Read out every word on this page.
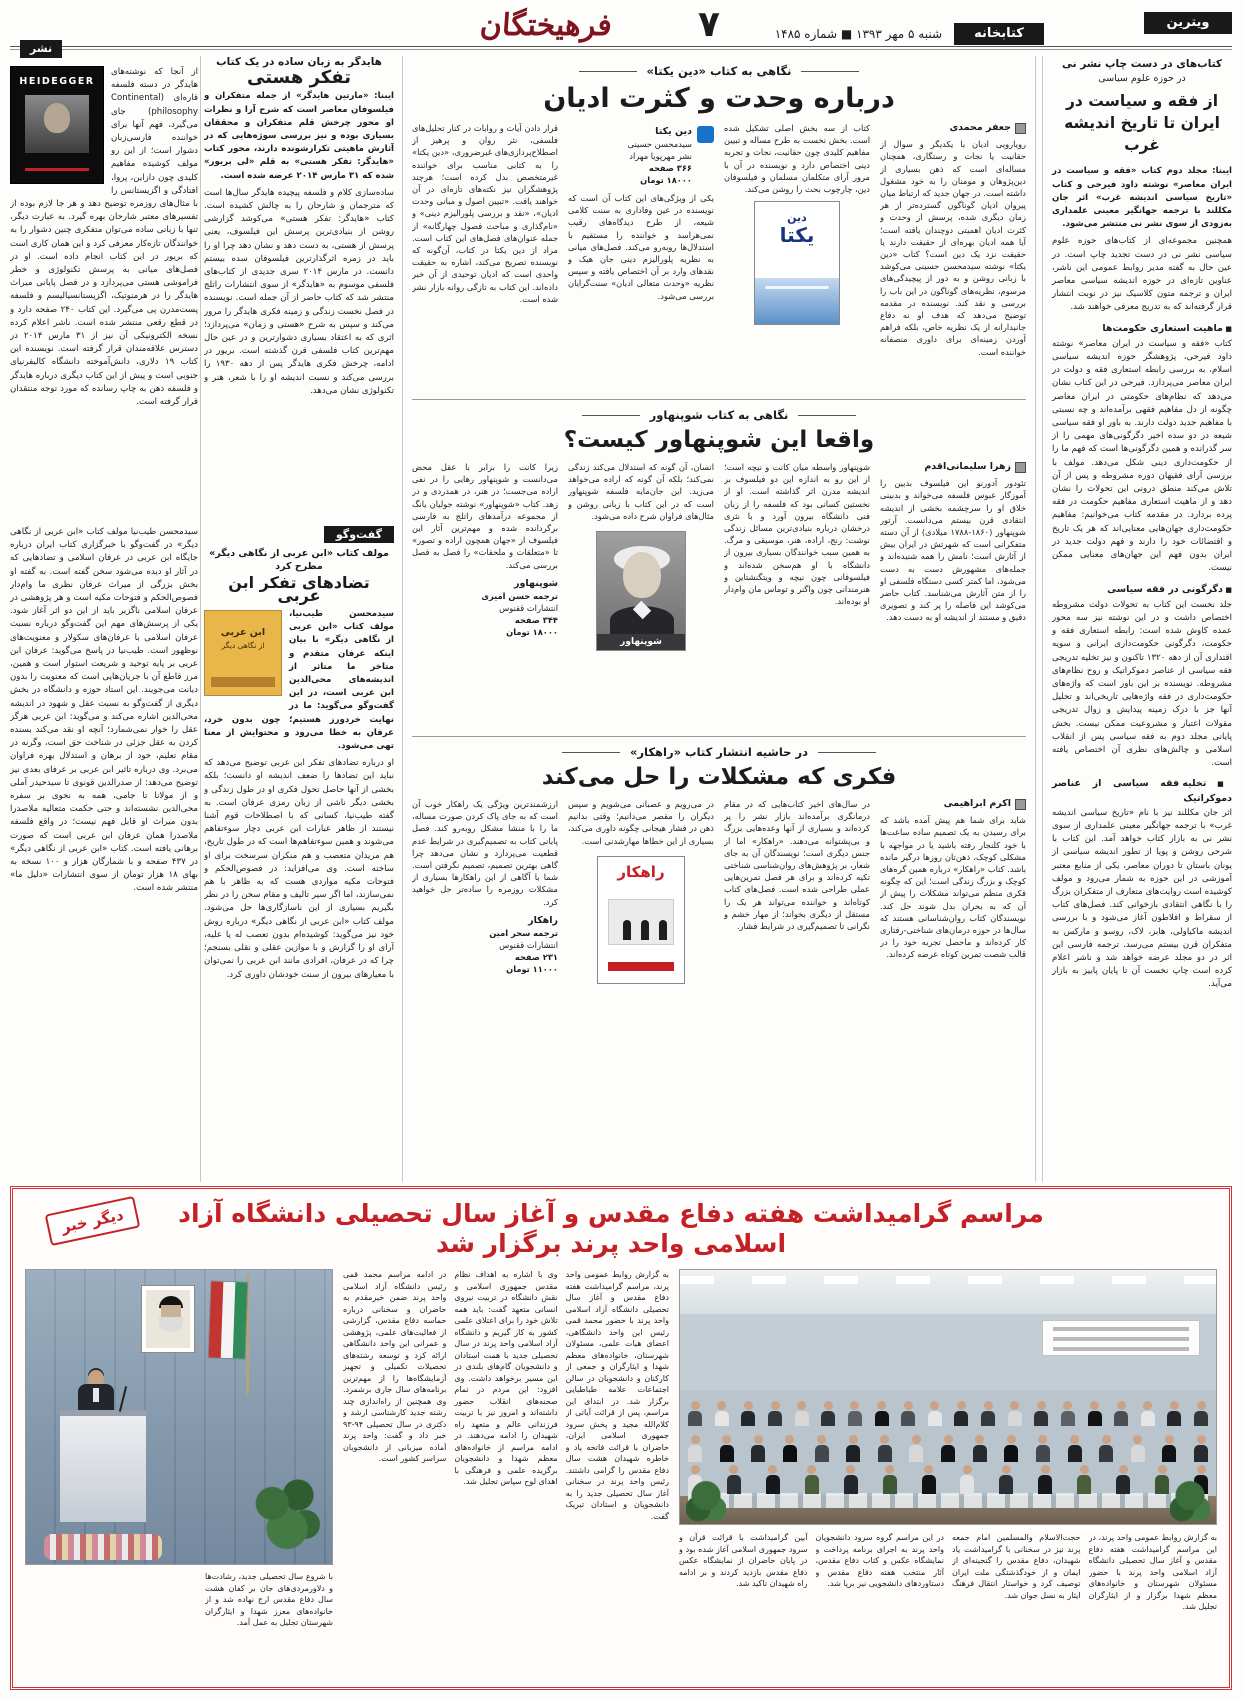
ویترین
کتابخانه
شنبه ۵ مهر ۱۳۹۳ ■ شماره ۱۴۸۵
۷
فرهیختگان
نشر
کتاب‌های در دست چاپ نشر نی
در حوزه علوم سیاسی
از فقه و سیاست در ایران تا تاریخ اندیشه غرب

ایبنا: مجلد دوم کتاب «فقه و سیاست در ایران معاصر» نوشته داود فیرحی و کتاب «تاریخ سیاسی اندیشه غرب» اثر جان مکللند با ترجمه جهانگیر معینی علمداری به‌زودی از سوی نشر نی منتشر می‌شود.

همچنین مجموعه‌ای از کتاب‌های حوزه علوم سیاسی نشر نی در دست تجدید چاپ است. در عین حال به گفته مدیر روابط عمومی این ناشر، عناوین تازه‌ای در حوزه اندیشه سیاسی معاصر ایران و ترجمه متون کلاسیک نیز در نوبت انتشار قرار گرفته‌اند که به تدریج معرفی خواهند شد.

■ ماهیت استعاری حکومت‌ها

کتاب «فقه و سیاست در ایران معاصر» نوشته داود فیرحی، پژوهشگر حوزه اندیشه سیاسی اسلام، به بررسی رابطه استعاری فقه و دولت در ایران معاصر می‌پردازد. فیرحی در این کتاب نشان می‌دهد که نظام‌های حکومتی در ایران معاصر چگونه از دل مفاهیم فقهی برآمده‌اند و چه نسبتی با مفاهیم جدید دولت دارند. به باور او فقه سیاسی شیعه در دو سده اخیر دگرگونی‌های مهمی را از سر گذرانده و همین دگرگونی‌ها است که فهم ما را از حکومت‌داری دینی شکل می‌دهد. مولف با بررسی آرای فقیهان دوره مشروطه و پس از آن تلاش می‌کند منطق درونی این تحولات را نشان دهد و از ماهیت استعاری مفاهیم حکومت در فقه پرده بردارد. در مقدمه کتاب می‌خوانیم: مفاهیم حکومت‌داری جهان‌هایی معنایی‌اند که هر یک تاریخ و اقتضائات خود را دارند و فهم دولت جدید در ایران بدون فهم این جهان‌های معنایی ممکن نیست.

■ دگرگونی در فقه سیاسی

جلد نخست این کتاب به تحولات دولت مشروطه اختصاص داشت و در این نوشته نیز سه محور عمده کاوش شده است: رابطه استعاری فقه و حکومت، دگرگونی حکومت‌داری ایرانی و سویه اقتداری آن از دهه ۱۳۲۰ تاکنون و نیز تخلیه تدریجی فقه سیاسی از عناصر دموکراتیک و روح نظام‌های مشروطه. نویسنده بر این باور است که واژه‌های حکومت‌داری در فقه واژه‌هایی تاریخی‌اند و تحلیل آنها جز با درک زمینه پیدایش و زوال تدریجی مقولات اعتبار و مشروعیت ممکن نیست. بخش پایانی مجلد دوم به فقه سیاسی پس از انقلاب اسلامی و چالش‌های نظری آن اختصاص یافته است.

■ تخلیه فقه سیاسی از عناصر دموکراتیک

اثر جان مکللند نیز با نام «تاریخ سیاسی اندیشه غرب» با ترجمه جهانگیر معینی علمداری از سوی نشر نی به بازار کتاب خواهد آمد. این کتاب با شرحی روشن و پویا از تطور اندیشه سیاسی از یونان باستان تا دوران معاصر، یکی از منابع معتبر آموزشی در این حوزه به شمار می‌رود و مولف کوشیده است روایت‌های متعارف از متفکران بزرگ را با نگاهی انتقادی بازخوانی کند. فصل‌های کتاب از سقراط و افلاطون آغاز می‌شود و با بررسی اندیشه ماکیاولی، هابز، لاک، روسو و مارکس به متفکران قرن بیستم می‌رسد. ترجمه فارسی این اثر در دو مجلد عرضه خواهد شد و ناشر اعلام کرده است چاپ نخست آن تا پایان پاییز به بازار می‌آید.

نگاهی به کتاب «دین یکتا»
درباره وحدت و کثرت ادیان
جعفر محمدی

رویارویی ادیان با یکدیگر و سوال از حقانیت یا نجات و رستگاری، همچنان مساله‌ای است که ذهن بسیاری از دین‌پژوهان و مومنان را به خود مشغول داشته است. در جهان جدید که ارتباط میان پیروان ادیان گوناگون گسترده‌تر از هر زمان دیگری شده، پرسش از وحدت و کثرت ادیان اهمیتی دوچندان یافته است؛ آیا همه ادیان بهره‌ای از حقیقت دارند یا حقیقت نزد یک دین است؟ کتاب «دین یکتا» نوشته سیدمحسن حسینی می‌کوشد با زبانی روشن و به دور از پیچیدگی‌های مرسوم، نظریه‌های گوناگون در این باب را بررسی و نقد کند. نویسنده در مقدمه توضیح می‌دهد که هدف او نه دفاع جانبدارانه از یک نظریه خاص، بلکه فراهم آوردن زمینه‌ای برای داوری منصفانه خواننده است.

کتاب از سه بخش اصلی تشکیل شده است. بخش نخست به طرح مساله و تبیین مفاهیم کلیدی چون حقانیت، نجات و تجربه دینی اختصاص دارد و نویسنده در آن با مرور آرای متکلمان مسلمان و فیلسوفان دین، چارچوب بحث را روشن می‌کند.

دین
یکتا
دین یکتا
سیدمحسن حسینی
نشر مهرپویا مهراد
۳۶۶ صفحه
۱۸۰۰۰ تومان

یکی از ویژگی‌های این کتاب آن است که نویسنده در عین وفاداری به سنت کلامی شیعه، از طرح دیدگاه‌های رقیب نمی‌هراسد و خواننده را مستقیم با استدلال‌ها روبه‌رو می‌کند. فصل‌های میانی به نظریه پلورالیزم دینی جان هیک و نقدهای وارد بر آن اختصاص یافته و سپس نظریه «وحدت متعالی ادیان» سنت‌گرایان بررسی می‌شود.

قرار دادن آیات و روایات در کنار تحلیل‌های فلسفی، نثر روان و پرهیز از اصطلاح‌پردازی‌های غیرضروری، «دین یکتا» را به کتابی مناسب برای خواننده غیرمتخصص بدل کرده است؛ هرچند پژوهشگران نیز نکته‌های تازه‌ای در آن خواهند یافت. «تبیین اصول و مبانی وحدت ادیان»، «نقد و بررسی پلورالیزم دینی» و «نام‌گذاری و مباحث فصول چهارگانه» از جمله عنوان‌های فصل‌های این کتاب است. مراد از دین یکتا در کتاب، آن‌گونه که نویسنده تصریح می‌کند، اشاره به حقیقت واحدی است که ادیان توحیدی از آن خبر داده‌اند. این کتاب به تازگی روانه بازار نشر شده است.

نگاهی به کتاب شوپنهاور
واقعا این شوپنهاور کیست؟
زهرا سلیمانی‌اقدم

تئودور آدورنو این فیلسوف بدبین را آموزگار عبوس فلسفه می‌خواند و بدبینی خلاق او را سرچشمه بخشی از اندیشه انتقادی قرن بیستم می‌دانست. آرتور شوپنهاور (۱۸۶۰-۱۷۸۸ میلادی) از آن دسته متفکرانی است که شهرتش در ایران بیش از آثارش است؛ نامش را همه شنیده‌اند و جمله‌های مشهورش دست به دست می‌شود، اما کمتر کسی دستگاه فلسفی او را از متن آثارش می‌شناسد. کتاب حاضر می‌کوشد این فاصله را پر کند و تصویری دقیق و مستند از اندیشه او به دست دهد.

شوپنهاور واسطه میان کانت و نیچه است؛ از این رو به اندازه این دو فیلسوف بر اندیشه مدرن اثر گذاشته است. او از نخستین کسانی بود که فلسفه را از زبان فنی دانشگاه بیرون آورد و با نثری درخشان درباره بنیادی‌ترین مسائل زندگی نوشت: رنج، اراده، هنر، موسیقی و مرگ. به همین سبب خوانندگان بسیاری بیرون از دانشگاه با او هم‌سخن شده‌اند و فیلسوفانی چون نیچه و ویتگنشتاین و هنرمندانی چون واگنر و توماس مان وام‌دار او بوده‌اند.

انسان، آن گونه که استدلال می‌کند زندگی نمی‌کند؛ بلکه آن گونه که اراده می‌خواهد می‌زید. این جان‌مایه فلسفه شوپنهاور است که در این کتاب با زبانی روشن و مثال‌های فراوان شرح داده می‌شود.

شوپنهاور

زیرا کانت را برابر با عقل محض می‌دانست و شوپنهاور رهایی را در نفی اراده می‌جست؛ در هنر، در همدردی و در زهد. کتاب «شوپنهاور» نوشته جولیان یانگ از مجموعه درآمدهای راتلج به فارسی برگردانده شده و مهم‌ترین آثار این فیلسوف از «جهان همچون اراده و تصور» تا «متعلقات و ملحقات» را فصل به فصل بررسی می‌کند.

شوپنهاور
ترجمه حسن امیری
انتشارات ققنوس
۳۴۴ صفحه
۱۸۰۰۰ تومان
در حاشیه انتشار کتاب «راهکار»
فکری که مشکلات را حل می‌کند
اکرم ابراهیمی

شاید برای شما هم پیش آمده باشد که برای رسیدن به یک تصمیم ساده ساعت‌ها با خود کلنجار رفته باشید یا در مواجهه با مشکلی کوچک، ذهن‌تان روزها درگیر مانده باشد. کتاب «راهکار» درباره همین گره‌های کوچک و بزرگ زندگی است؛ این که چگونه فکری منظم می‌تواند مشکلات را پیش از آن که به بحران بدل شوند حل کند. نویسندگان کتاب روان‌شناسانی هستند که سال‌ها در حوزه درمان‌های شناختی-رفتاری کار کرده‌اند و ماحصل تجربه خود را در قالب شصت تمرین کوتاه عرضه کرده‌اند.

در سال‌های اخیر کتاب‌هایی که در مقام درمانگری برآمده‌اند بازار نشر را پر کرده‌اند و بسیاری از آنها وعده‌هایی بزرگ و بی‌پشتوانه می‌دهند. «راهکار» اما از جنس دیگری است؛ نویسندگان آن به جای شعار، بر پژوهش‌های روان‌شناسی شناختی تکیه کرده‌اند و برای هر فصل تمرین‌هایی عملی طراحی شده است. فصل‌های کتاب کوتاه‌اند و خواننده می‌تواند هر یک را مستقل از دیگری بخواند؛ از مهار خشم و نگرانی تا تصمیم‌گیری در شرایط فشار.

در می‌رویم و عصبانی می‌شویم و سپس دیگران را مقصر می‌دانیم؛ وقتی بدانیم ذهن در فشار هیجانی چگونه داوری می‌کند، بسیاری از این خطاها مهارشدنی است.

راهکار

ارزشمندترین ویژگی یک راهکار خوب آن است که به جای پاک کردن صورت مساله، ما را با منشا مشکل روبه‌رو کند. فصل پایانی کتاب به تصمیم‌گیری در شرایط عدم قطعیت می‌پردازد و نشان می‌دهد چرا گاهی بهترین تصمیم، تصمیم نگرفتن است. شما با آگاهی از این راهکارها بسیاری از مشکلات روزمره را ساده‌تر حل خواهید کرد.

راهکار
ترجمه سحر امین
انتشارات ققنوس
۲۳۱ صفحه
۱۱۰۰۰ تومان
هایدگر به زبان ساده در یک کتاب
تفکر هستی

ایبنا: «مارتین هایدگر» از جمله متفکران و فیلسوفان معاصر است که شرح آرا و نظرات او محور چرخش قلم متفکران و محققان بسیاری بوده و نیز بررسی سوژه‌هایی که در آثارش ماهیتی تکرارشونده دارند، محور کتاب «هایدگر: تفکر هستی» به قلم «لی بریور» شده که ۳۱ مارس ۲۰۱۴ عرضه شده است.

ساده‌سازی کلام و فلسفه پیچیده هایدگر سال‌ها است که مترجمان و شارحان را به چالش کشیده است. کتاب «هایدگر: تفکر هستی» می‌کوشد گزارشی روشن از بنیادی‌ترین پرسش این فیلسوف، یعنی پرسش از هستی، به دست دهد و نشان دهد چرا او را باید در زمره اثرگذارترین فیلسوفان سده بیستم دانست. در مارس ۲۰۱۴ سری جدیدی از کتاب‌های فلسفی موسوم به «هایدگر» از سوی انتشارات راتلج منتشر شد که کتاب حاضر از آن جمله است. نویسنده در فصل نخست زندگی و زمینه فکری هایدگر را مرور می‌کند و سپس به شرح «هستی و زمان» می‌پردازد؛ اثری که به اعتقاد بسیاری دشوارترین و در عین حال مهم‌ترین کتاب فلسفی قرن گذشته است. بریور در ادامه، چرخش فکری هایدگر پس از دهه ۱۹۳۰ را بررسی می‌کند و نسبت اندیشه او را با شعر، هنر و تکنولوژی نشان می‌دهد.

گفت‌وگو
مولف کتاب «ابن عربی از نگاهی دیگر» مطرح کرد
تضادهای تفکر ابن عربی
ابن عربی
از نگاهی دیگر

سیدمحسن طیب‌نیا، مولف کتاب «ابن عربی از نگاهی دیگر» با بیان اینکه عرفان متقدم و متاخر ما متاثر از اندیشه‌های محی‌الدین ابن عربی است، در این گفت‌وگو می‌گوید: ما در نهایت خردورز هستیم؛ چون بدون خرد، عرفان به خطا می‌رود و محتوایش از معنا تهی می‌شود.

او درباره تضادهای تفکر ابن عربی توضیح می‌دهد که نباید این تضادها را ضعف اندیشه او دانست؛ بلکه بخشی از آنها حاصل تحول فکری او در طول زندگی و بخشی دیگر ناشی از زبان رمزی عرفان است. به گفته طیب‌نیا، کسانی که با اصطلاحات قوم آشنا نیستند از ظاهر عبارات ابن عربی دچار سوءتفاهم می‌شوند و همین سوءتفاهم‌ها است که در طول تاریخ، هم مریدان متعصب و هم منکران سرسخت برای او ساخته است. وی می‌افزاید: در فصوص‌الحکم و فتوحات مکیه مواردی هست که به ظاهر با هم نمی‌سازند، اما اگر سیر تالیف و مقام سخن را در نظر بگیریم بسیاری از این ناسازگاری‌ها حل می‌شود. مولف کتاب «ابن عربی از نگاهی دیگر» درباره روش خود نیز می‌گوید: کوشیده‌ام بدون تعصب له یا علیه، آرای او را گزارش و با موازین عقلی و نقلی بسنجم؛ چرا که در عرفان، افرادی مانند ابن عربی را نمی‌توان با معیارهای بیرون از سنت خودشان داوری کرد.

HEIDEGGER

از آنجا که نوشته‌های هایدگر در دسته فلسفه قاره‌ای (Continental philosophy) جای می‌گیرد، فهم آنها برای خواننده فارسی‌زبان دشوار است؛ از این رو مولف کوشیده مفاهیم کلیدی چون دازاین، پروا، افتادگی و اگزیستانس را با مثال‌های روزمره توضیح دهد و هر جا لازم بوده از تفسیرهای معتبر شارحان بهره گیرد. به عبارت دیگر، تنها با زبانی ساده می‌توان متفکری چنین دشوار را به خوانندگان تازه‌کار معرفی کرد و این همان کاری است که بریور در این کتاب انجام داده است. او در فصل‌های میانی به پرسش تکنولوژی و خطر فراموشی هستی می‌پردازد و در فصل پایانی میراث هایدگر را در هرمنوتیک، اگزیستانسیالیسم و فلسفه پست‌مدرن پی می‌گیرد. این کتاب ۲۴۰ صفحه دارد و در قطع رقعی منتشر شده است. ناشر اعلام کرده نسخه الکترونیکی آن نیز از ۳۱ مارس ۲۰۱۴ در دسترس علاقه‌مندان قرار گرفته است. نویسنده این کتاب ۱۹ دلاری، دانش‌آموخته دانشگاه کالیفرنیای جنوبی است و پیش از این کتاب دیگری درباره هایدگر و فلسفه ذهن به چاپ رسانده که مورد توجه منتقدان قرار گرفته است.

سیدمحسن طیب‌نیا مولف کتاب «ابن عربی از نگاهی دیگر» در گفت‌وگو با خبرگزاری کتاب ایران درباره جایگاه ابن عربی در عرفان اسلامی و تضادهایی که در آثار او دیده می‌شود سخن گفته است. به گفته او بخش بزرگی از میراث عرفان نظری ما وام‌دار فصوص‌الحکم و فتوحات مکیه است و هر پژوهشی در عرفان اسلامی ناگزیر باید از این دو اثر آغاز شود. یکی از پرسش‌های مهم این گفت‌وگو درباره نسبت عرفان اسلامی با عرفان‌های سکولار و معنویت‌های نوظهور است. طیب‌نیا در پاسخ می‌گوید: عرفان ابن عربی بر پایه توحید و شریعت استوار است و همین، مرز قاطع آن با جریان‌هایی است که معنویت را بدون دیانت می‌جویند. این استاد حوزه و دانشگاه در بخش دیگری از گفت‌وگو به نسبت عقل و شهود در اندیشه محی‌الدین اشاره می‌کند و می‌گوید: ابن عربی هرگز عقل را خوار نمی‌شمارد؛ آنچه او نقد می‌کند بسنده کردن به عقل جزئی در شناخت حق است، وگرنه در مقام تعلیم، خود از برهان و استدلال بهره فراوان می‌برد. وی درباره تاثیر ابن عربی بر عرفای بعدی نیز توضیح می‌دهد: از صدرالدین قونوی تا سیدحیدر آملی و از مولانا تا جامی، همه به نحوی بر سفره محی‌الدین نشسته‌اند و حتی حکمت متعالیه ملاصدرا بدون میراث او قابل فهم نیست؛ در واقع فلسفه ملاصدرا همان عرفان ابن عربی است که صورت برهانی یافته است. کتاب «ابن عربی از نگاهی دیگر» در ۴۳۷ صفحه و با شمارگان هزار و ۱۰۰ نسخه به بهای ۱۸ هزار تومان از سوی انتشارات «دلیل ما» منتشر شده است.

دیگر خبر	مراسم گرامیداشت هفته دفاع مقدس و آغاز سال تحصیلی دانشگاه آزاد اسلامی واحد پرند برگزار شد
به گزارش روابط عمومی واحد پرند، در این مراسم گرامیداشت هفته دفاع مقدس و آغاز سال تحصیلی دانشگاه آزاد اسلامی واحد پرند با حضور مسئولان شهرستان و خانواده‌های معظم شهدا برگزار و از ایثارگران تجلیل شد.
حجت‌الاسلام والمسلمین امام جمعه پرند نیز در سخنانی با گرامیداشت یاد شهیدان، دفاع مقدس را گنجینه‌ای از ایمان و از خودگذشتگی ملت ایران توصیف کرد و خواستار انتقال فرهنگ ایثار به نسل جوان شد.
در این مراسم گروه سرود دانشجویان واحد پرند به اجرای برنامه پرداخت و نمایشگاه عکس و کتاب دفاع مقدس، آثار منتخب هفته دفاع مقدس و دستاوردهای دانشجویی نیز برپا شد.
آیین گرامیداشت با قرائت قرآن و سرود جمهوری اسلامی آغاز شده بود و در پایان حاضران از نمایشگاه عکس دفاع مقدس بازدید کردند و بر ادامه راه شهیدان تاکید شد.
به گزارش روابط عمومی واحد پرند، مراسم گرامیداشت هفته دفاع مقدس و آغاز سال تحصیلی دانشگاه آزاد اسلامی واحد پرند با حضور محمد قمی رئیس این واحد دانشگاهی، اعضای هیات علمی، مسئولان شهرستان، خانواده‌های معظم شهدا و ایثارگران و جمعی از کارکنان و دانشجویان در سالن اجتماعات علامه طباطبایی برگزار شد. در ابتدای این مراسم، پس از قرائت آیاتی از کلام‌الله مجید و پخش سرود جمهوری اسلامی ایران، حاضران با قرائت فاتحه یاد و خاطره شهیدان هشت سال دفاع مقدس را گرامی داشتند. رئیس واحد پرند در سخنانی آغاز سال تحصیلی جدید را به دانشجویان و استادان تبریک گفت.
وی با اشاره به اهداف نظام مقدس جمهوری اسلامی و نقش دانشگاه در تربیت نیروی انسانی متعهد گفت: باید همه تلاش خود را برای اعتلای علمی کشور به کار گیریم و دانشگاه آزاد اسلامی واحد پرند در سال تحصیلی جدید با همت استادان و دانشجویان گام‌های بلندی در این مسیر برخواهد داشت. وی افزود: این مردم در تمام صحنه‌های انقلاب حضور داشته‌اند و امروز نیز با تربیت فرزندانی عالم و متعهد راه شهیدان را ادامه می‌دهند. در ادامه مراسم از خانواده‌های معظم شهدا و دانشجویان برگزیده علمی و فرهنگی با اهدای لوح سپاس تجلیل شد.
در ادامه مراسم محمد قمی رئیس دانشگاه آزاد اسلامی واحد پرند ضمن خیرمقدم به حاضران و سخنانی درباره حماسه دفاع مقدس، گزارشی از فعالیت‌های علمی، پژوهشی و عمرانی این واحد دانشگاهی ارائه کرد و توسعه رشته‌های تحصیلات تکمیلی و تجهیز آزمایشگاه‌ها را از مهم‌ترین برنامه‌های سال جاری برشمرد. وی همچنین از راه‌اندازی چند رشته جدید کارشناسی ارشد و دکتری در سال تحصیلی ۹۴-۹۳ خبر داد و گفت: واحد پرند آماده میزبانی از دانشجویان سراسر کشور است.
با شروع سال تحصیلی جدید، رشادت‌ها و دلاورمردی‌های جان بر کفان هشت سال دفاع مقدس ارج نهاده شد و از خانواده‌های معزز شهدا و ایثارگران شهرستان تجلیل به عمل آمد.
